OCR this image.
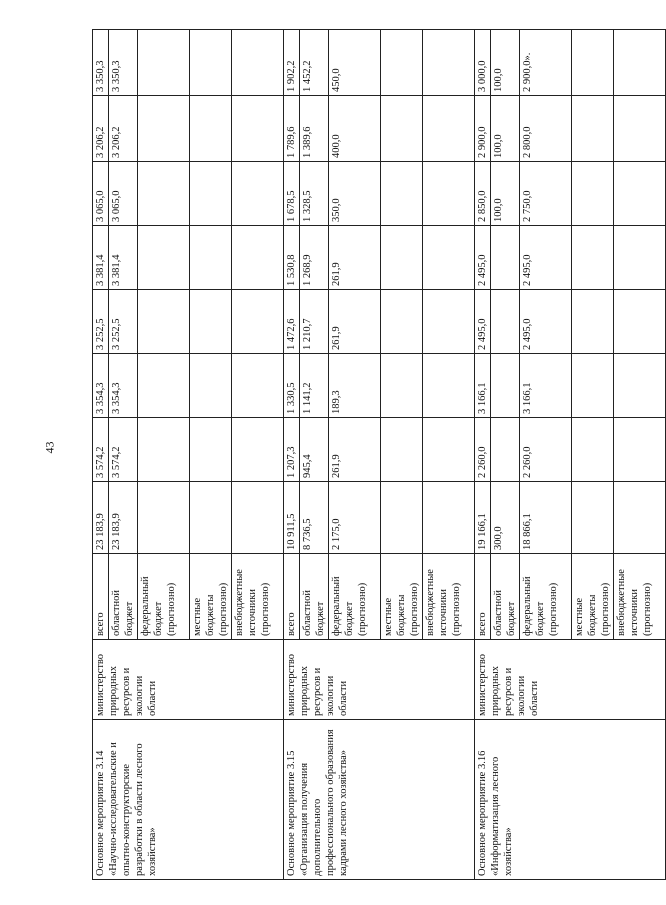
43
Основное мероприятие 3.14 «Научно-исследовательские и опытно-конструкторские разработки в области лесного хозяйства»	министерство природных ресурсов и экологии области	всего	23 183,9	3 574,2	3 354,3	3 252,5	3 381,4	3 065,0	3 206,2	3 350,3
		областной бюджет	23 183,9	3 574,2	3 354,3	3 252,5	3 381,4	3 065,0	3 206,2	3 350,3
		федеральный бюджет (прогнозно)								
		местные бюджеты (прогнозно)								
		внебюджетные источники (прогнозно)								
Основное мероприятие 3.15 «Организация получения дополнительного профессионального образования кадрами лесного хозяйства»	министерство природных ресурсов и экологии области	всего	10 911,5	1 207,3	1 330,5	1 472,6	1 530,8	1 678,5	1 789,6	1 902,2
		областной бюджет	8 736,5	945,4	1 141,2	1 210,7	1 268,9	1 328,5	1 389,6	1 452,2
		федеральный бюджет (прогнозно)	2 175,0	261,9	189,3	261,9	261,9	350,0	400,0	450,0
		местные бюджеты (прогнозно)								
		внебюджетные источники (прогнозно)								
Основное мероприятие 3.16 «Информатизация лесного хозяйства»	министерство природных ресурсов и экологии области	всего	19 166,1	2 260,0	3 166,1	2 495,0	2 495,0	2 850,0	2 900,0	3 000,0
		областной бюджет	300,0					100,0	100,0	100,0
		федеральный бюджет (прогнозно)	18 866,1	2 260,0	3 166,1	2 495,0	2 495,0	2 750,0	2 800,0	2 900,0».
		местные бюджеты (прогнозно)								
		внебюджетные источники (прогнозно)								
